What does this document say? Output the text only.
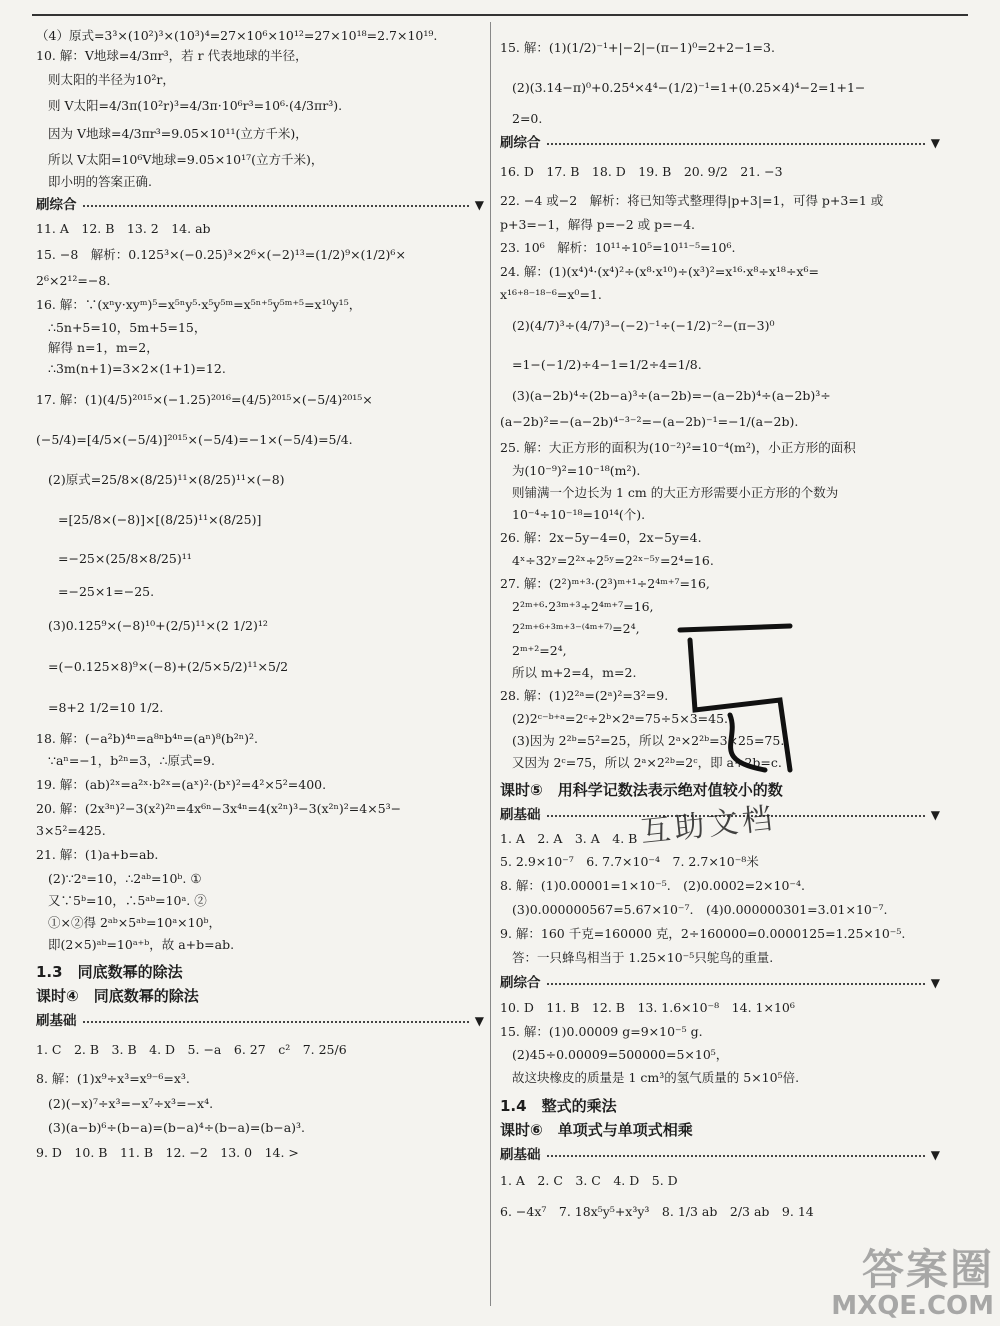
（4）原式=3³×(10²)³×(10³)⁴=27×10⁶×10¹²=27×10¹⁸=2.7×10¹⁹.

10. 解：V地球=4/3πr³，若 r 代表地球的半径，

则太阳的半径为10²r，

则 V太阳=4/3π(10²r)³=4/3π·10⁶r³=10⁶·(4/3πr³).

因为 V地球=4/3πr³=9.05×10¹¹(立方千米)，

所以 V太阳=10⁶V地球=9.05×10¹⁷(立方千米)，

即小明的答案正确.

刷综合	▼

11. A　12. B　13. 2　14. ab

15. −8　解析：0.125³×(−0.25)³×2⁶×(−2)¹³=(1/2)⁹×(1/2)⁶×

2⁶×2¹²=−8.

16. 解：∵(xⁿy·xyᵐ)⁵=x⁵ⁿy⁵·x⁵y⁵ᵐ=x⁵ⁿ⁺⁵y⁵ᵐ⁺⁵=x¹⁰y¹⁵，

∴5n+5=10，5m+5=15，

解得 n=1，m=2，

∴3m(n+1)=3×2×(1+1)=12.

17. 解：(1)(4/5)²⁰¹⁵×(−1.25)²⁰¹⁶=(4/5)²⁰¹⁵×(−5/4)²⁰¹⁵×

(−5/4)=[4/5×(−5/4)]²⁰¹⁵×(−5/4)=−1×(−5/4)=5/4.

(2)原式=25/8×(8/25)¹¹×(8/25)¹¹×(−8)

=[25/8×(−8)]×[(8/25)¹¹×(8/25)]

=−25×(25/8×8/25)¹¹

=−25×1=−25.

(3)0.125⁹×(−8)¹⁰+(2/5)¹¹×(2 1/2)¹²

=(−0.125×8)⁹×(−8)+(2/5×5/2)¹¹×5/2

=8+2 1/2=10 1/2.

18. 解：(−a²b)⁴ⁿ=a⁸ⁿb⁴ⁿ=(aⁿ)⁸(b²ⁿ)².

∵aⁿ=−1，b²ⁿ=3，∴原式=9.

19. 解：(ab)²ˣ=a²ˣ·b²ˣ=(aˣ)²·(bˣ)²=4²×5²=400.

20. 解：(2x³ⁿ)²−3(x²)²ⁿ=4x⁶ⁿ−3x⁴ⁿ=4(x²ⁿ)³−3(x²ⁿ)²=4×5³−

3×5²=425.

21. 解：(1)a+b=ab.

(2)∵2ᵃ=10，∴2ᵃᵇ=10ᵇ. ①

又∵5ᵇ=10，∴5ᵃᵇ=10ᵃ. ②

①×②得 2ᵃᵇ×5ᵃᵇ=10ᵃ×10ᵇ，

即(2×5)ᵃᵇ=10ᵃ⁺ᵇ，故 a+b=ab.

1.3　同底数幂的除法

课时④　同底数幂的除法

刷基础	▼

1. C　2. B　3. B　4. D　5. −a　6. 27　c²　7. 25/6

8. 解：(1)x⁹÷x³=x⁹⁻⁶=x³.

(2)(−x)⁷÷x³=−x⁷÷x³=−x⁴.

(3)(a−b)⁶÷(b−a)=(b−a)⁴÷(b−a)=(b−a)³.

9. D　10. B　11. B　12. −2　13. 0　14. >

15. 解：(1)(1/2)⁻¹+|−2|−(π−1)⁰=2+2−1=3.

(2)(3.14−π)⁰+0.25⁴×4⁴−(1/2)⁻¹=1+(0.25×4)⁴−2=1+1−

2=0.

刷综合	▼

16. D　17. B　18. D　19. B　20. 9/2　21. −3

22. −4 或−2　解析：将已知等式整理得|p+3|=1，可得 p+3=1 或

p+3=−1，解得 p=−2 或 p=−4.

23. 10⁶　解析：10¹¹÷10⁵=10¹¹⁻⁵=10⁶.

24. 解：(1)(x⁴)⁴·(x⁴)²÷(x⁸·x¹⁰)÷(x³)²=x¹⁶·x⁸÷x¹⁸÷x⁶=

x¹⁶⁺⁸⁻¹⁸⁻⁶=x⁰=1.

(2)(4/7)³÷(4/7)³−(−2)⁻¹÷(−1/2)⁻²−(π−3)⁰

=1−(−1/2)÷4−1=1/2÷4=1/8.

(3)(a−2b)⁴÷(2b−a)³÷(a−2b)=−(a−2b)⁴÷(a−2b)³÷

(a−2b)²=−(a−2b)⁴⁻³⁻²=−(a−2b)⁻¹=−1/(a−2b).

25. 解：大正方形的面积为(10⁻²)²=10⁻⁴(m²)，小正方形的面积

为(10⁻⁹)²=10⁻¹⁸(m²).

则铺满一个边长为 1 cm 的大正方形需要小正方形的个数为

10⁻⁴÷10⁻¹⁸=10¹⁴(个).

26. 解：2x−5y−4=0，2x−5y=4.

4ˣ÷32ʸ=2²ˣ÷2⁵ʸ=2²ˣ⁻⁵ʸ=2⁴=16.

27. 解：(2²)ᵐ⁺³·(2³)ᵐ⁺¹÷2⁴ᵐ⁺⁷=16,

2²ᵐ⁺⁶·2³ᵐ⁺³÷2⁴ᵐ⁺⁷=16,

2²ᵐ⁺⁶⁺³ᵐ⁺³⁻⁽⁴ᵐ⁺⁷⁾=2⁴,

2ᵐ⁺²=2⁴,

所以 m+2=4，m=2.

28. 解：(1)2²ᵃ=(2ᵃ)²=3²=9.

(2)2ᶜ⁻ᵇ⁺ᵃ=2ᶜ÷2ᵇ×2ᵃ=75÷5×3=45.

(3)因为 2²ᵇ=5²=25，所以 2ᵃ×2²ᵇ=3×25=75.

又因为 2ᶜ=75，所以 2ᵃ×2²ᵇ=2ᶜ，即 a+2b=c.

课时⑤　用科学记数法表示绝对值较小的数

刷基础	▼

1. A　2. A　3. A　4. B

5. 2.9×10⁻⁷　6. 7.7×10⁻⁴　7. 2.7×10⁻⁸米

8. 解：(1)0.00001=1×10⁻⁵.　(2)0.0002=2×10⁻⁴.

(3)0.000000567=5.67×10⁻⁷.　(4)0.000000301=3.01×10⁻⁷.

9. 解：160 千克=160000 克，2÷160000=0.0000125=1.25×10⁻⁵.

答：一只蜂鸟相当于 1.25×10⁻⁵只鸵鸟的重量.

刷综合	▼

10. D　11. B　12. B　13. 1.6×10⁻⁸　14. 1×10⁶

15. 解：(1)0.00009 g=9×10⁻⁵ g.

(2)45÷0.00009=500000=5×10⁵，

故这块橡皮的质量是 1 cm³的氢气质量的 5×10⁵倍.

1.4　整式的乘法

课时⑥　单项式与单项式相乘

刷基础	▼

1. A　2. C　3. C　4. D　5. D

6. −4x⁷　7. 18x⁵y⁵+x³y³　8. 1/3 ab　2/3 ab　9. 14

互助文档
答案圈
MXQE.COM
